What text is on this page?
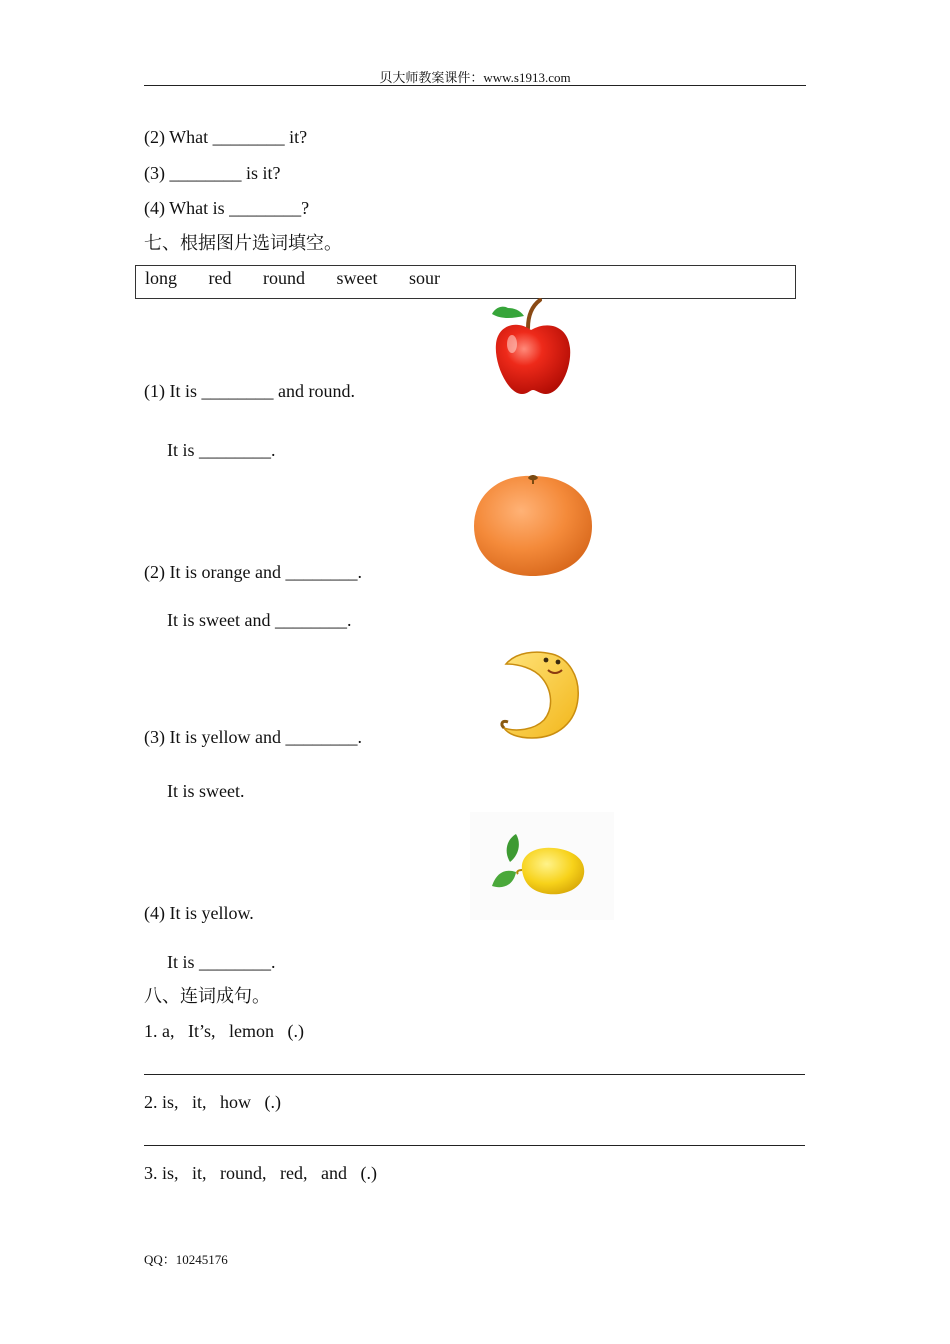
贝大师教案课件：www.s1913.com
(2) What ________ it?
(3) ________ is it?
(4) What is ________?
七、根据图片选词填空。
long   red   round   sweet   sour
(1) It is ________ and round.
It is ________.
(2) It is orange and ________.
It is sweet and ________.
(3) It is yellow and ________.
It is sweet.
(4) It is yellow.
It is ________.
八、连词成句。
1. a,   It’s,   lemon   (.)
2. is,   it,   how   (.)
3. is,   it,   round,   red,   and   (.)
QQ：10245176
